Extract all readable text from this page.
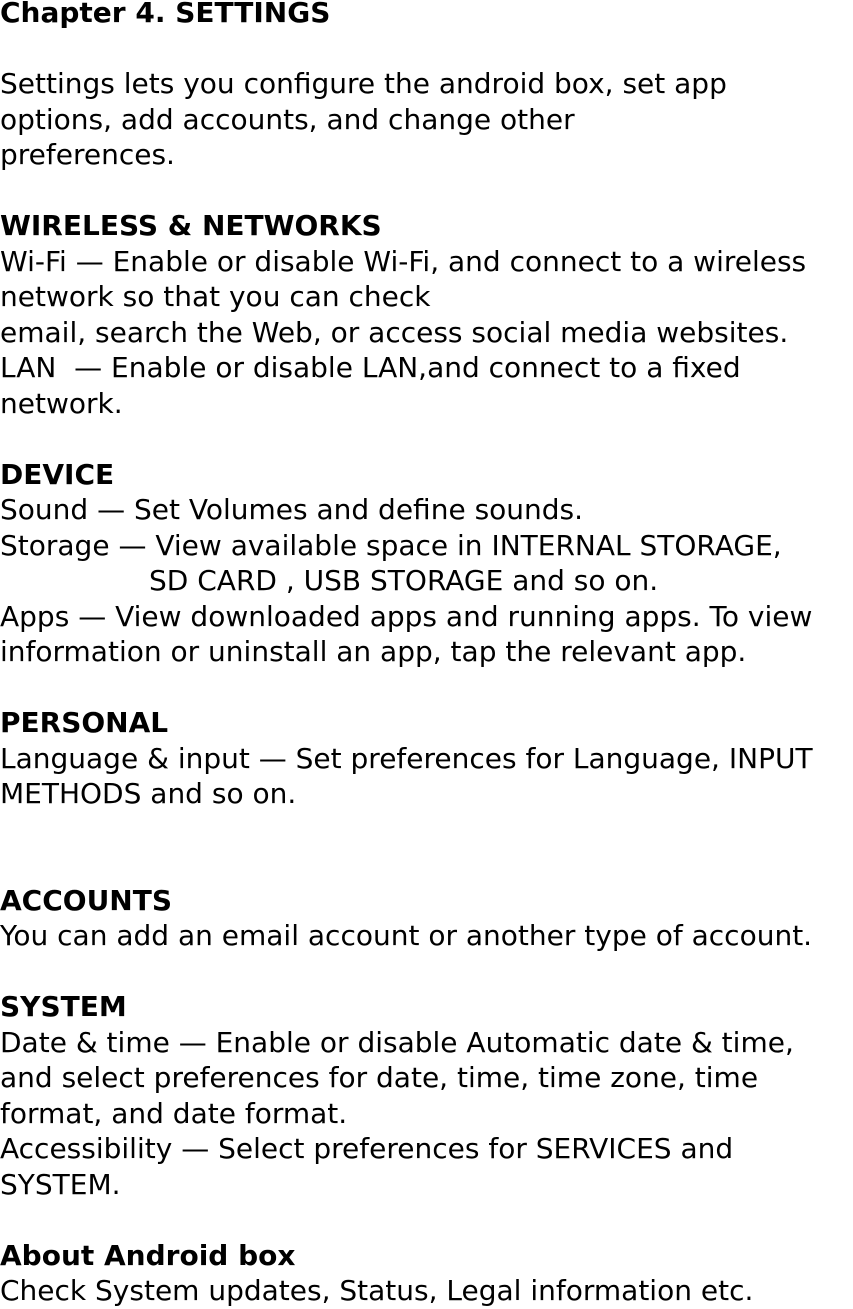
Chapter 4. SETTINGS
Settings lets you configure the android box, set app
options, add accounts, and change other
preferences.
WIRELESS & NETWORKS
Wi-Fi — Enable or disable Wi-Fi, and connect to a wireless
network so that you can check
email, search the Web, or access social media websites.
LAN  — Enable or disable LAN,and connect to a fixed
network.
DEVICE
Sound — Set Volumes and define sounds.
Storage — View available space in INTERNAL STORAGE,
SD CARD , USB STORAGE and so on.
Apps — View downloaded apps and running apps. To view
information or uninstall an app, tap the relevant app.
PERSONAL
Language & input — Set preferences for Language, INPUT
METHODS and so on.
ACCOUNTS
You can add an email account or another type of account.
SYSTEM
Date & time — Enable or disable Automatic date & time,
and select preferences for date, time, time zone, time
format, and date format.
Accessibility — Select preferences for SERVICES and
SYSTEM.
About Android box
Check System updates, Status, Legal information etc.
